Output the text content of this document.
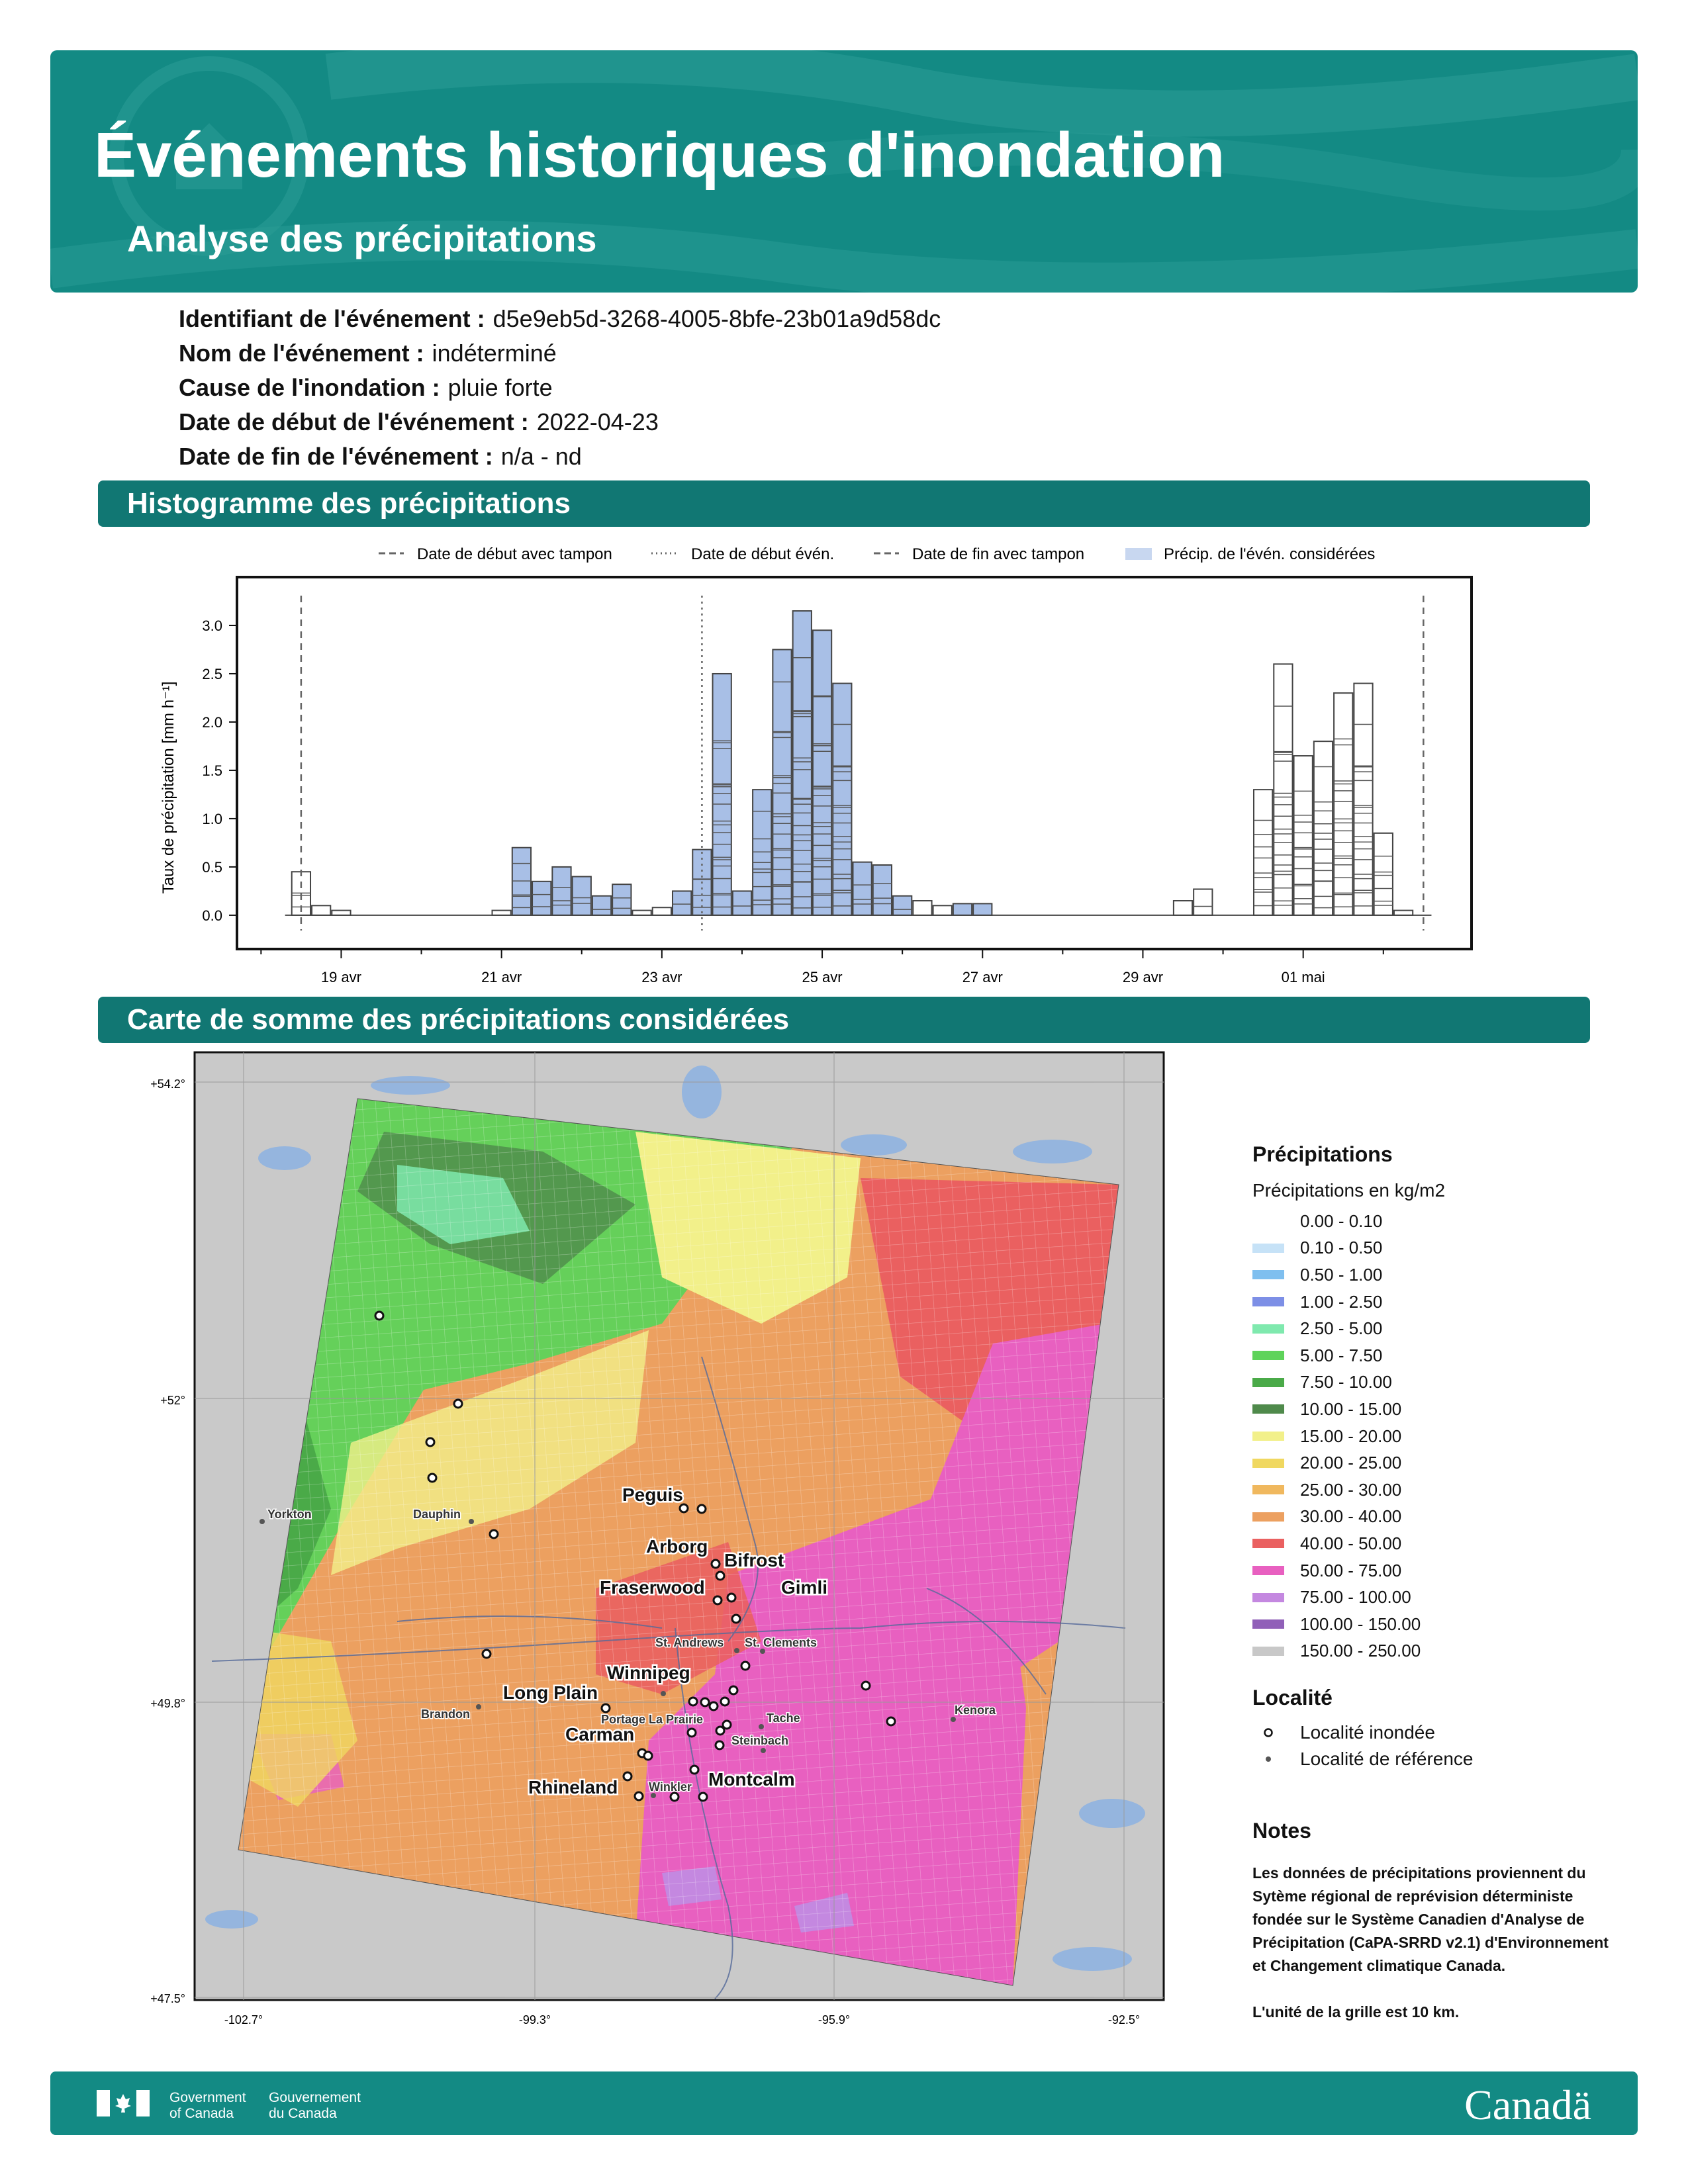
Événements historiques d'inondation
Analyse des précipitations
Identifiant de l'événement : d5e9eb5d-3268-4005-8bfe-23b01a9d58dc
Nom de l'événement : indéterminé
Cause de l'inondation : pluie forte
Date de début de l'événement : 2022-04-23
Date de fin de l'événement : n/a - nd
Histogramme des précipitations
Date de début avec tampon	Date de début évén.	Date de fin avec tampon	Précip. de l'évén. considérées
Taux de précipitation [mm h⁻¹]
0.0
0.5
1.0
1.5
2.0
2.5
3.0
19 avr	21 avr	23 avr	25 avr	27 avr	29 avr	01 mai
Carte de somme des précipitations considérées
+54.2°
+52°
+49.8°
+47.5°
-102.7°	-99.3°	-95.9°	-92.5°
Peguis
Arborg
Bifrost
Gimli
Fraserwood
Winnipeg
Long Plain
Carman
Rhineland	Montcalm
Yorkton	Dauphin
Brandon	Portage La Prairie
St. Andrews St. Clements
Tache
Steinbach
Winkler
Kenora
Précipitations
Précipitations en kg/m2
0.00 - 0.10
0.10 - 0.50
0.50 - 1.00
1.00 - 2.50
2.50 - 5.00
5.00 - 7.50
7.50 - 10.00
10.00 - 15.00
15.00 - 20.00
20.00 - 25.00
25.00 - 30.00
30.00 - 40.00
40.00 - 50.00
50.00 - 75.00
75.00 - 100.00
100.00 - 150.00
150.00 - 250.00
Localité
Localité inondée
Localité de référence
Notes

Les données de précipitations proviennent du Sytème régional de reprévision déterministe fondée sur le Système Canadien d'Analyse de Précipitation (CaPA-SRRD v2.1) d'Environnement et Changement climatique Canada.

L'unité de la grille est 10 km.

Government
of Canada
Gouvernement
du Canada	Canadä
